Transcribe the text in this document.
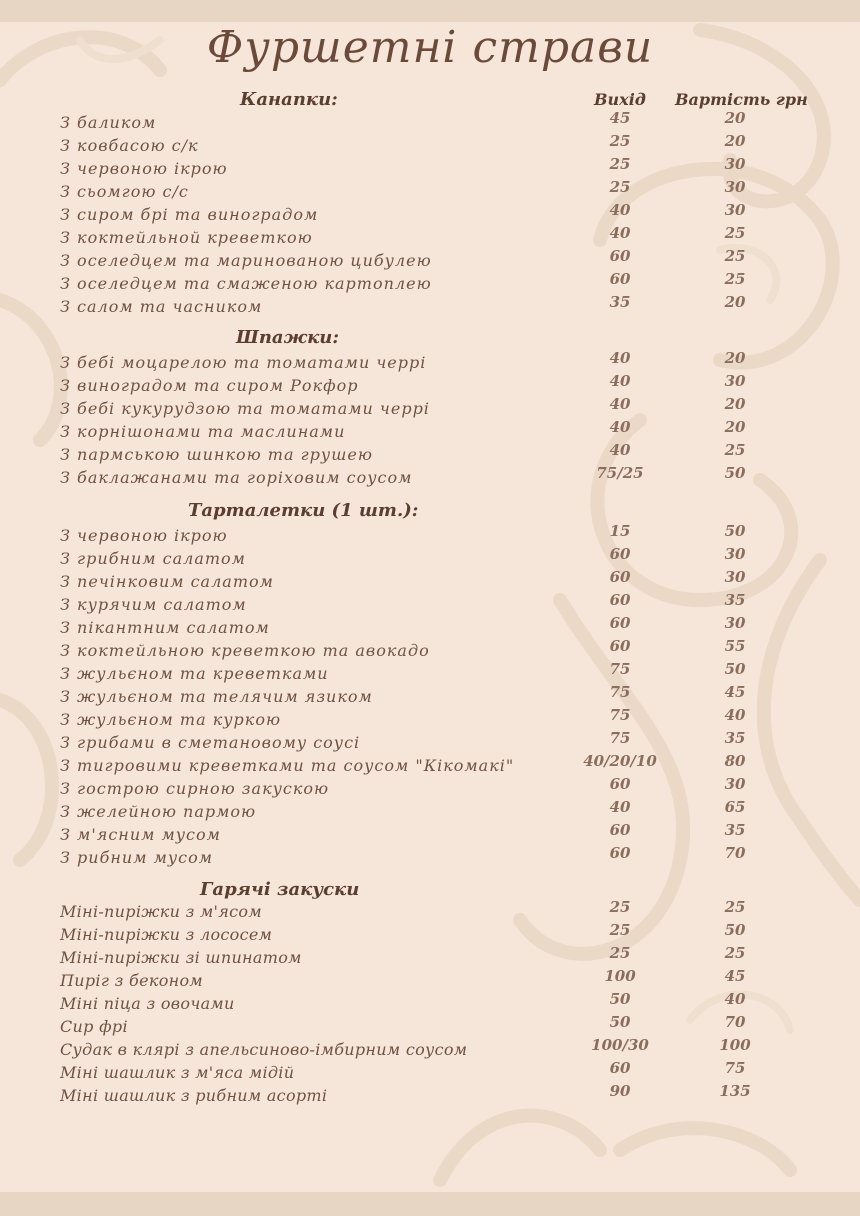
Фуршетні страви
Вихід Вартість грн
Канапки:
З баликом	45	20
З ковбасою с/к	25	20
З червоною ікрою	25	30
З сьомгою с/с	25	30
З сиром брі та виноградом	40	30
З коктейльной креветкою	40	25
З оселедцем та маринованою цибулею	60	25
З оселедцем та смаженою картоплею	60	25
З салом та часником	35	20
Шпажки:
З бебі моцарелою та томатами черрі	40	20
З виноградом та сиром Рокфор	40	30
З бебі кукурудзою та томатами черрі	40	20
З корнішонами та маслинами	40	20
З пармською шинкою та грушею	40	25
З баклажанами та горіховим соусом	75/25	50
Тарталетки (1 шт.):
З червоною ікрою	15	50
З грибним салатом	60	30
З печінковим салатом	60	30
З курячим салатом	60	35
З пікантним салатом	60	30
З коктейльною креветкою та авокадо	60	55
З жульєном та креветками	75	50
З жульєном та телячим язиком	75	45
З жульєном та куркою	75	40
З грибами в сметановому соусі	75	35
З тигровими креветками та соусом "Кікомакі"	40/20/10	80
З гострою сирною закускою	60	30
З желейною пармою	40	65
З м'ясним мусом	60	35
З рибним мусом	60	70
Гарячі закуски
Міні-пиріжки з м'ясом	25	25
Міні-пиріжки з лососем	25	50
Міні-пиріжки зі шпинатом	25	25
Пиріг з беконом	100	45
Міні піца з овочами	50	40
Сир фрі	50	70
Судак в клярі з апельсиново-імбирним соусом	100/30	100
Міні шашлик з м'яса мідій	60	75
Міні шашлик з рибним асорті	90	135
